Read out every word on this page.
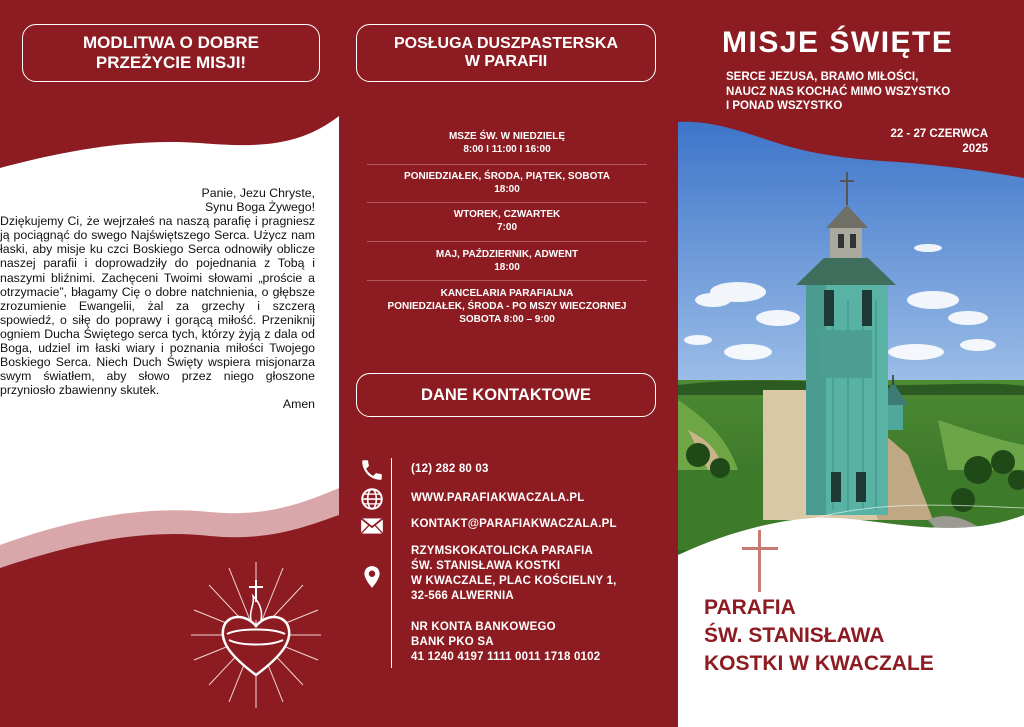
MODLITWA O DOBRE
PRZEŻYCIE MISJI!
Panie, Jezu Chryste,
Synu Boga Żywego!
Dziękujemy Ci, że wejrzałeś na naszą parafię i pragniesz ją pociągnąć do swego Najświętszego Serca. Użycz nam łaski, aby misje ku czci Boskiego Serca odnowiły oblicze naszej parafii i doprowadziły do pojednania z Tobą i naszymi bliźnimi. Zachęceni Twoimi słowami „proście a otrzymacie”, błagamy Cię o dobre natchnienia, o głębsze zrozumienie Ewangelii, żal za grzechy i szczerą spowiedź, o siłę do poprawy i gorącą miłość. Przeniknij ogniem Ducha Świętego serca tych, którzy żyją z dala od Boga, udziel im łaski wiary i poznania miłości Twojego Boskiego Serca. Niech Duch Święty wspiera misjonarza swym światłem, aby słowo przez niego głoszone przyniosło zbawienny skutek.
Amen
POSŁUGA DUSZPASTERSKA
W PARAFII
MSZE ŚW. W NIEDZIELĘ
8:00 I 11:00 I 16:00
PONIEDZIAŁEK, ŚRODA, PIĄTEK, SOBOTA
18:00
WTOREK, CZWARTEK
7:00
MAJ, PAŹDZIERNIK, ADWENT
18:00
KANCELARIA PARAFIALNA
PONIEDZIAŁEK, ŚRODA - PO MSZY WIECZORNEJ
SOBOTA 8:00 – 9:00
DANE KONTAKTOWE
(12) 282 80 03
WWW.PARAFIAKWACZALA.PL
KONTAKT@PARAFIAKWACZALA.PL
RZYMSKOKATOLICKA PARAFIA
ŚW. STANISŁAWA KOSTKI
W KWACZALE, PLAC KOŚCIELNY 1,
32-566 ALWERNIA
NR KONTA BANKOWEGO
BANK PKO SA
41 1240 4197 1111 0011 1718 0102
MISJE ŚWIĘTE
SERCE JEZUSA, BRAMO MIŁOŚCI,
NAUCZ NAS KOCHAĆ MIMO WSZYSTKO
I PONAD WSZYSTKO
22 - 27 CZERWCA
2025
PARAFIA
ŚW. STANISŁAWA
KOSTKI W KWACZALE
